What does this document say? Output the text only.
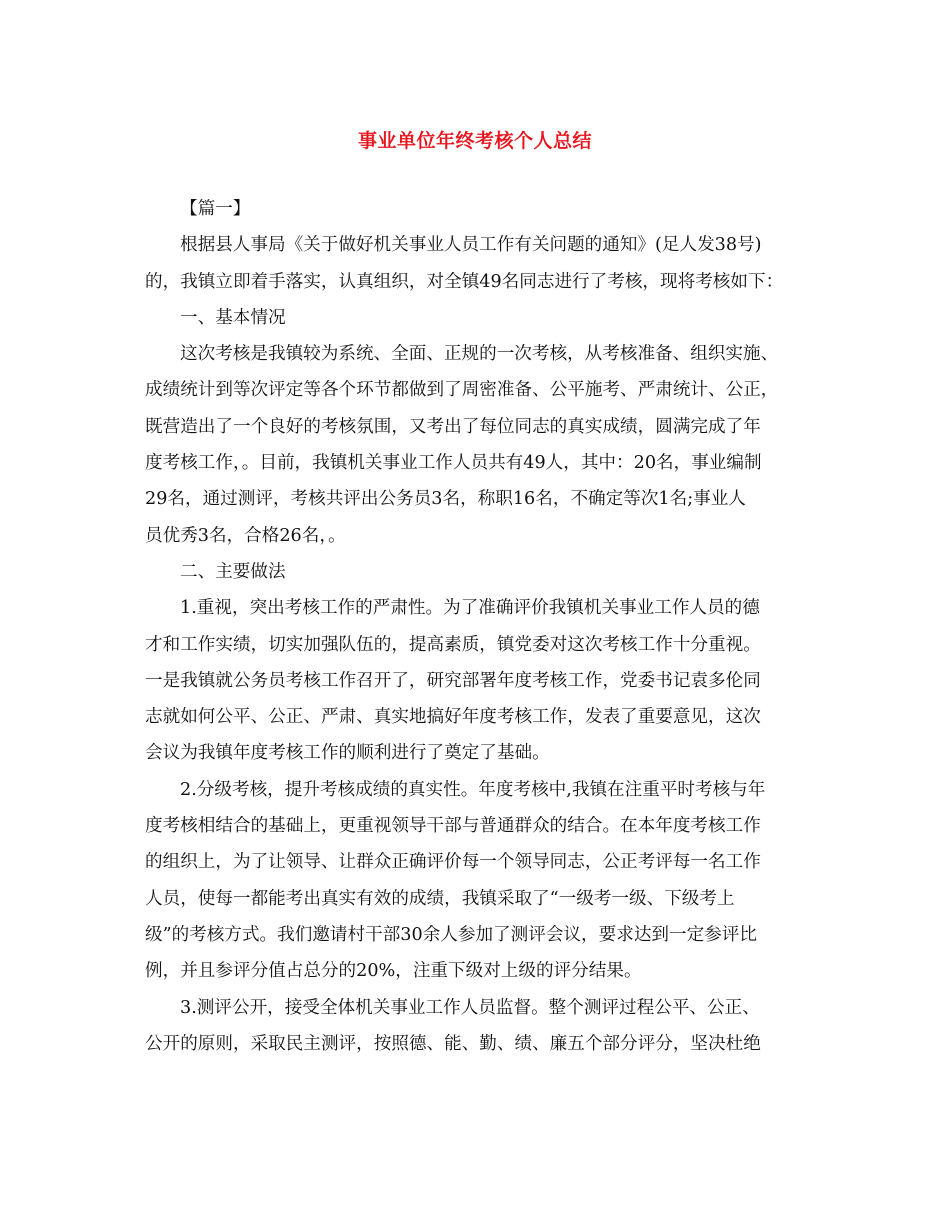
事业单位年终考核个人总结
【篇一】
根据县人事局《关于做好机关事业人员工作有关问题的通知》(足人发38号)
的，我镇立即着手落实，认真组织，对全镇49名同志进行了考核，现将考核如下：
一、基本情况
这次考核是我镇较为系统、全面、正规的一次考核，从考核准备、组织实施、
成绩统计到等次评定等各个环节都做到了周密准备、公平施考、严肃统计、公正，
既营造出了一个良好的考核氛围，又考出了每位同志的真实成绩，圆满完成了年
度考核工作，。目前，我镇机关事业工作人员共有49人，其中：20名，事业编制
29名，通过测评，考核共评出公务员3名，称职16名，不确定等次1名;事业人
员优秀3名，合格26名，。
二、主要做法
1.重视，突出考核工作的严肃性。为了准确评价我镇机关事业工作人员的德
才和工作实绩，切实加强队伍的，提高素质，镇党委对这次考核工作十分重视。
一是我镇就公务员考核工作召开了，研究部署年度考核工作，党委书记袁多伦同
志就如何公平、公正、严肃、真实地搞好年度考核工作，发表了重要意见，这次
会议为我镇年度考核工作的顺利进行了奠定了基础。
2.分级考核，提升考核成绩的真实性。年度考核中,我镇在注重平时考核与年
度考核相结合的基础上，更重视领导干部与普通群众的结合。在本年度考核工作
的组织上，为了让领导、让群众正确评价每一个领导同志，公正考评每一名工作
人员，使每一都能考出真实有效的成绩，我镇采取了“一级考一级、下级考上
级”的考核方式。我们邀请村干部30余人参加了测评会议，要求达到一定参评比
例，并且参评分值占总分的20%，注重下级对上级的评分结果。
3.测评公开，接受全体机关事业工作人员监督。整个测评过程公平、公正、
公开的原则，采取民主测评，按照德、能、勤、绩、廉五个部分评分，坚决杜绝
